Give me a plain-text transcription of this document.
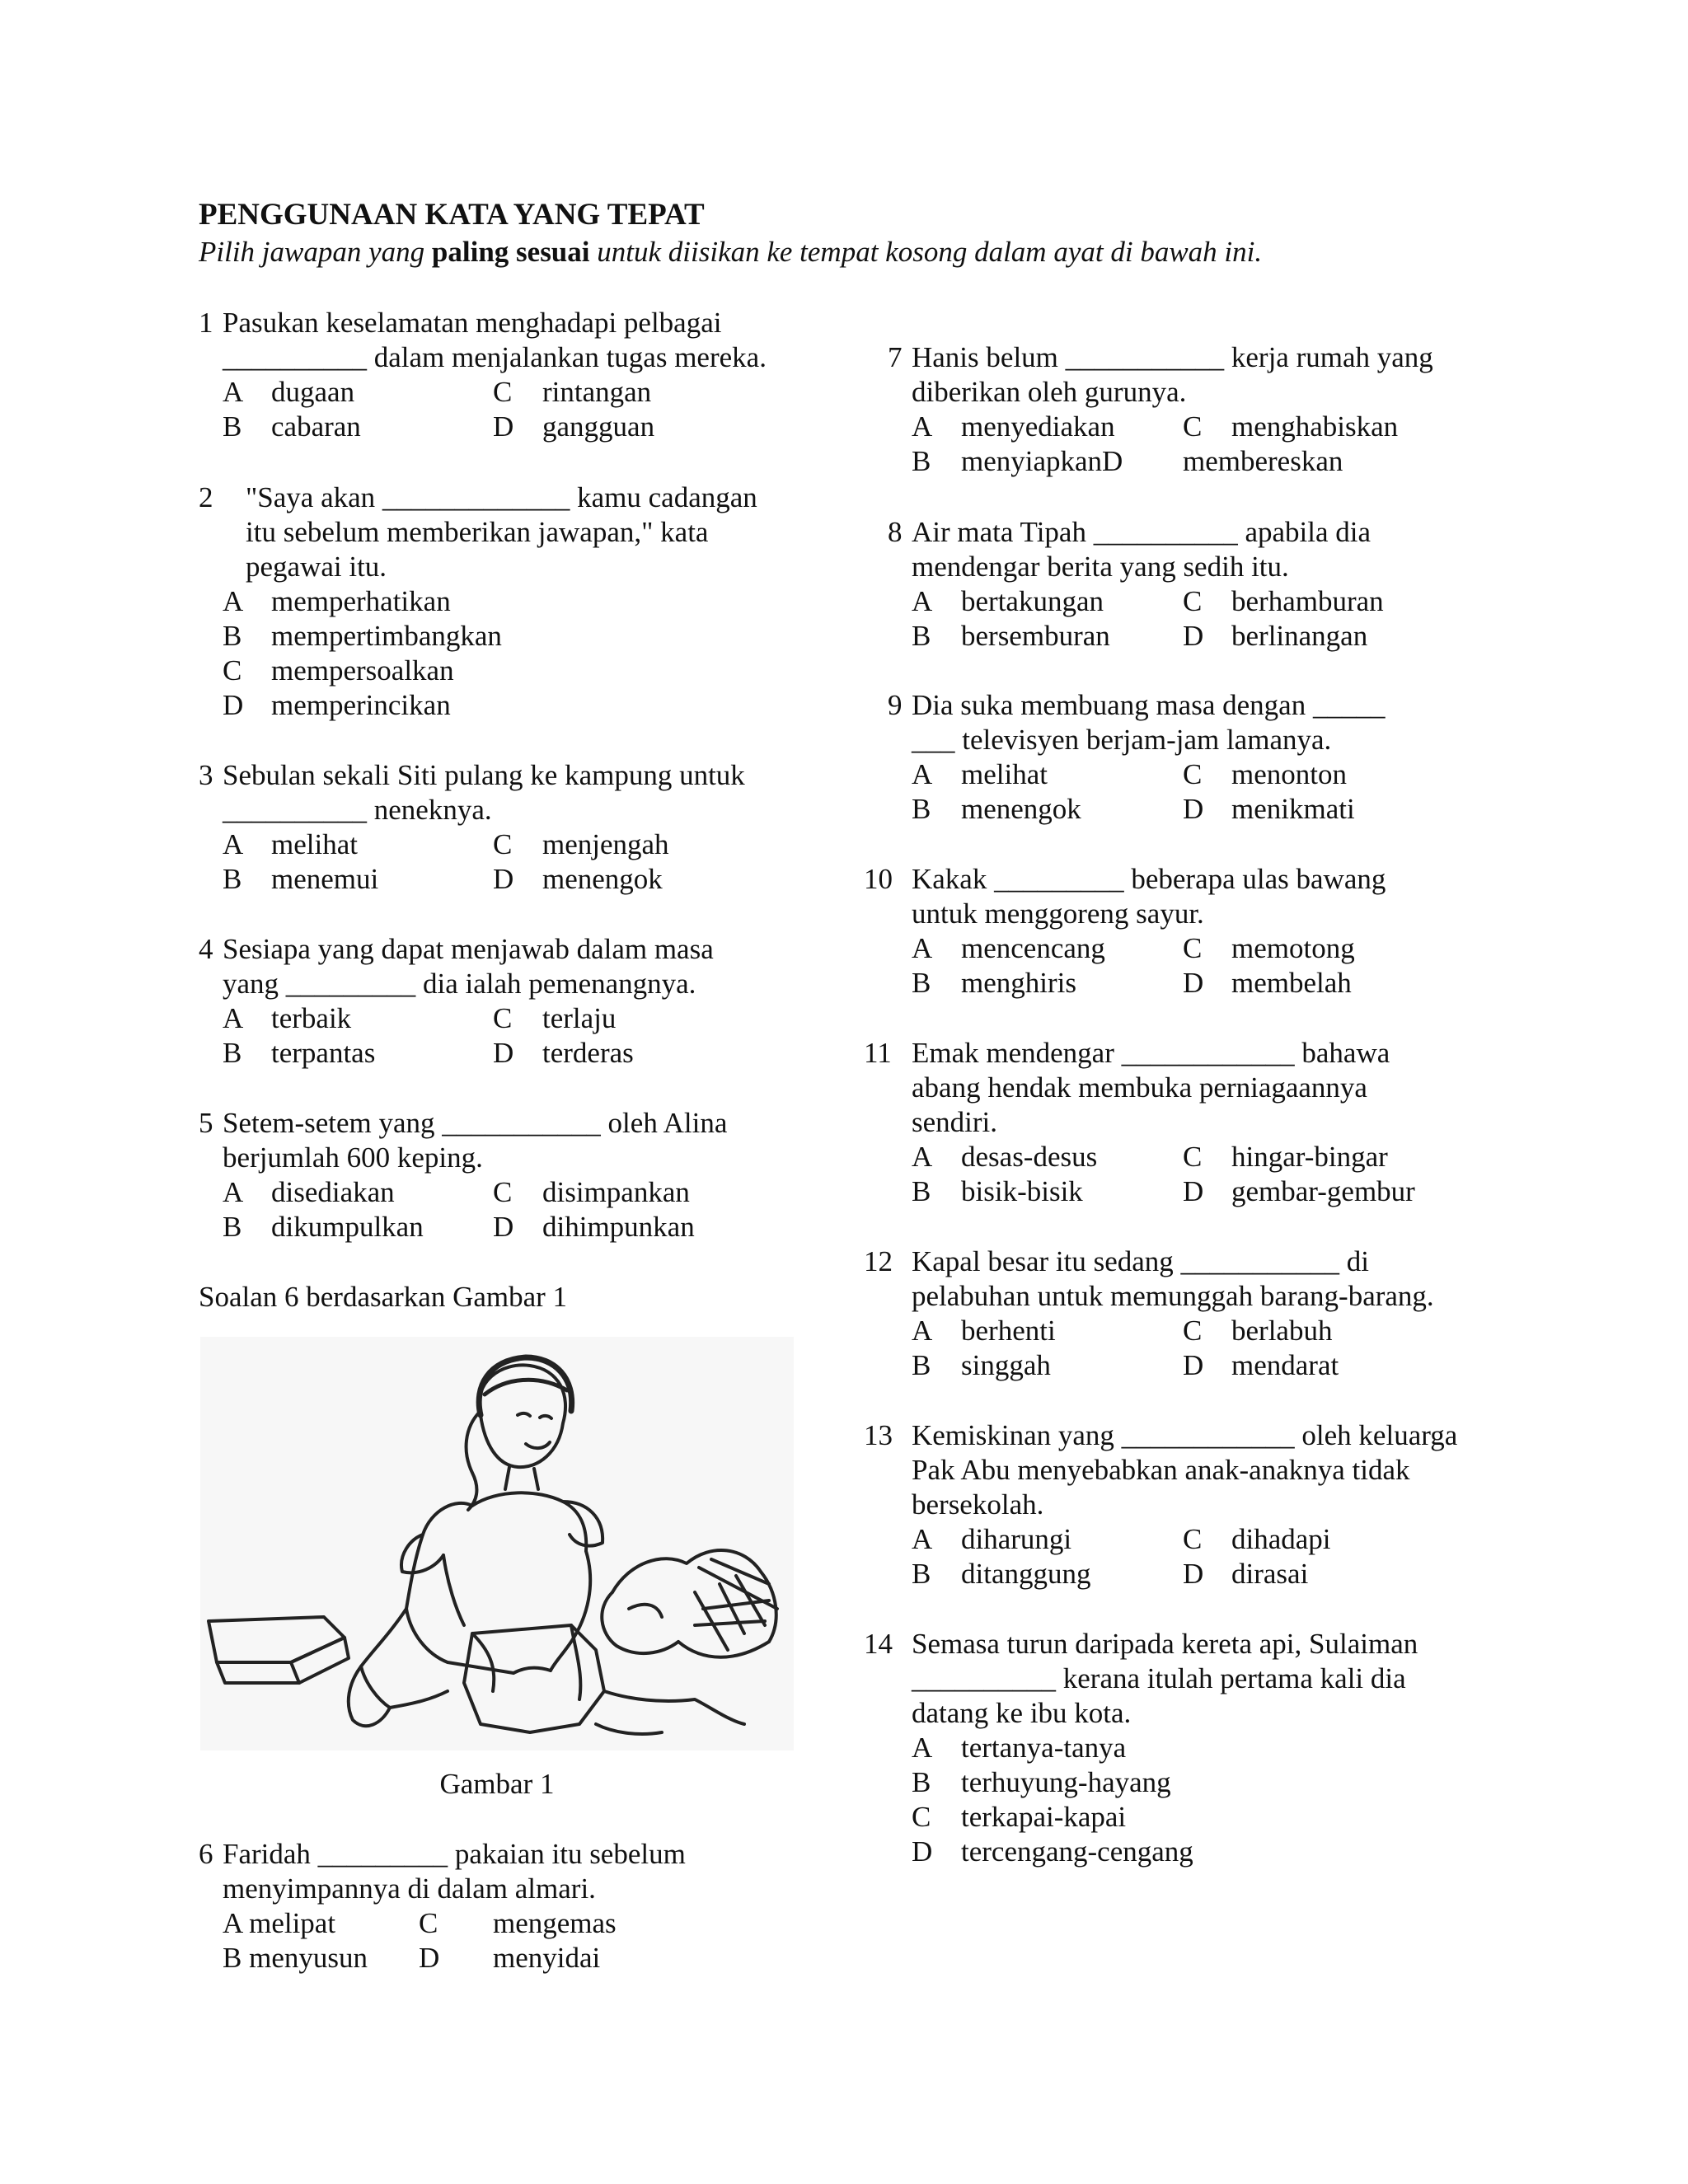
PENGGUNAAN KATA YANG TEPAT
Pilih jawapan yang paling sesuai untuk diisikan ke tempat kosong dalam ayat di bawah ini.
1 Pasukan keselamatan menghadapi pelbagai
__________ dalam menjalankan tugas mereka.
A dugaan	C rintangan
B cabaran	D gangguan
2 "Saya akan _____________ kamu cadangan
itu sebelum memberikan jawapan," kata
pegawai itu.
A memperhatikan
B mempertimbangkan
C mempersoalkan
D memperincikan
3 Sebulan sekali Siti pulang ke kampung untuk
__________ neneknya.
A melihat	C menjengah
B menemui	D menengok
4 Sesiapa yang dapat menjawab dalam masa
yang _________ dia ialah pemenangnya.
A terbaik	C terlaju
B terpantas	D terderas
5 Setem-setem yang ___________ oleh Alina
berjumlah 600 keping.
A disediakan	C disimpankan
B dikumpulkan D dihimpunkan
Soalan 6 berdasarkan Gambar 1
Gambar 1
6 Faridah _________ pakaian itu sebelum
menyimpannya di dalam almari.
A melipat	C mengemas
B menyusun D menyidai
7 Hanis belum ___________ kerja rumah yang
diberikan oleh gurunya.
A menyediakan C menghabiskan
B menyiapkanD membereskan
8 Air mata Tipah __________ apabila dia
mendengar berita yang sedih itu.
A bertakungan	C berhamburan
B bersemburan	D berlinangan
9 Dia suka membuang masa dengan _____
___ televisyen berjam-jam lamanya.
A melihat	C menonton
B menengok	D menikmati
10 Kakak _________ beberapa ulas bawang
untuk menggoreng sayur.
A mencencang	C memotong
B menghiris	D membelah
11 Emak mendengar ____________ bahawa
abang hendak membuka perniagaannya
sendiri.
A desas-desus	C hingar-bingar
B bisik-bisik	D gembar-gembur
12 Kapal besar itu sedang ___________ di
pelabuhan untuk memunggah barang-barang.
A berhenti	C berlabuh
B singgah	D mendarat
13 Kemiskinan yang ____________ oleh keluarga
Pak Abu menyebabkan anak-anaknya tidak
bersekolah.
A diharungi	C dihadapi
B ditanggung	D dirasai
14 Semasa turun daripada kereta api, Sulaiman
__________ kerana itulah pertama kali dia
datang ke ibu kota.
A tertanya-tanya
B terhuyung-hayang
C terkapai-kapai
D tercengang-cengang
